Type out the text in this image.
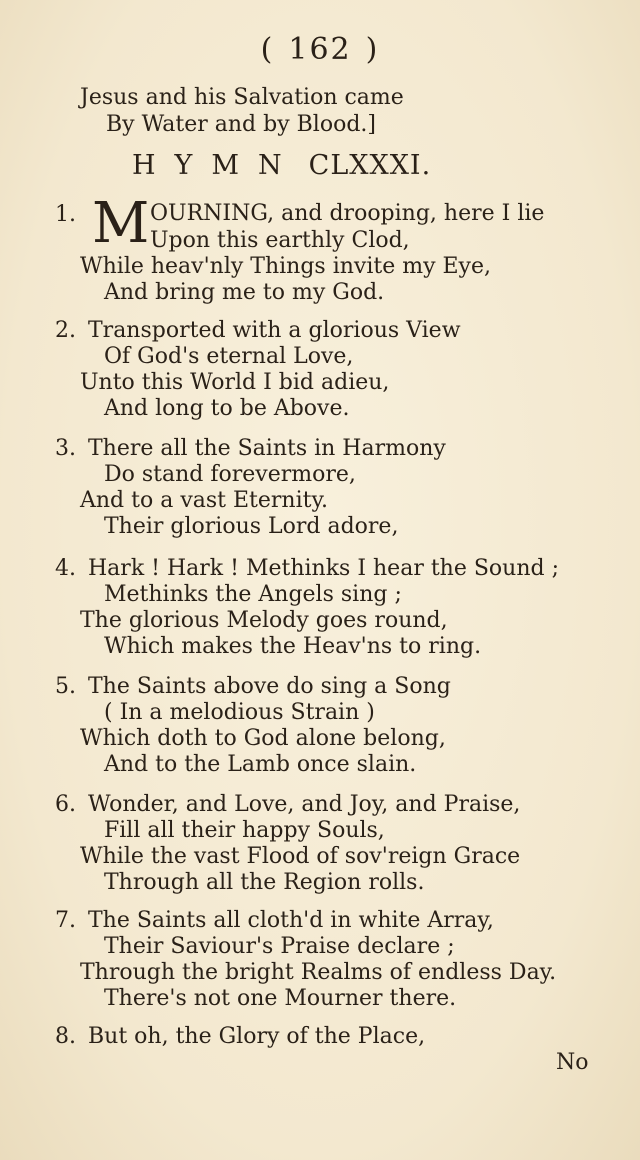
( 162 )
Jesus and his Salvation came
By Water and by Blood.]
HYMN CLXXXI.
1. M OURNING, and drooping, here I lie
Upon this earthly Clod,
While heav'nly Things invite my Eye,
And bring me to my God.
2. Transported with a glorious View
Of God's eternal Love,
Unto this World I bid adieu,
And long to be Above.
3. There all the Saints in Harmony
Do stand forevermore,
And to a vast Eternity.
Their glorious Lord adore,
4. Hark ! Hark ! Methinks I hear the Sound ;
Methinks the Angels sing ;
The glorious Melody goes round,
Which makes the Heav'ns to ring.
5. The Saints above do sing a Song
( In a melodious Strain )
Which doth to God alone belong,
And to the Lamb once slain.
6. Wonder, and Love, and Joy, and Praise,
Fill all their happy Souls,
While the vast Flood of sov'reign Grace
Through all the Region rolls.
7. The Saints all cloth'd in white Array,
Their Saviour's Praise declare ;
Through the bright Realms of endless Day.
There's not one Mourner there.
8. But oh, the Glory of the Place,
No
